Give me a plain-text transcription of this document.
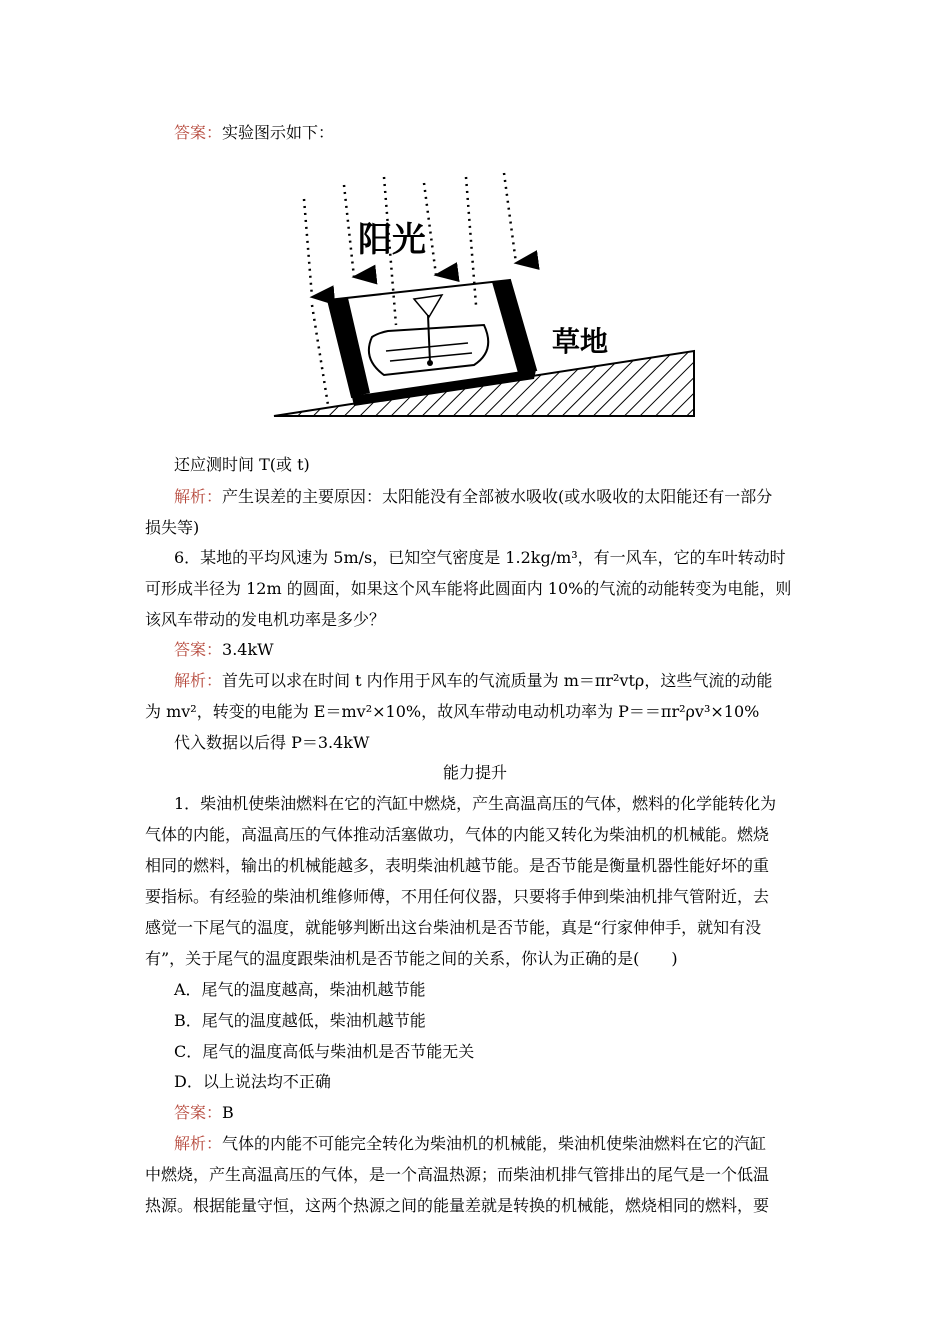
答案：实验图示如下：
阳光
草地
还应测时间 T(或 t)
解析：产生误差的主要原因：太阳能没有全部被水吸收(或水吸收的太阳能还有一部分
损失等)
6．某地的平均风速为 5m/s，已知空气密度是 1.2kg/m³，有一风车，它的车叶转动时
可形成半径为 12m 的圆面，如果这个风车能将此圆面内 10%的气流的动能转变为电能，则
该风车带动的发电机功率是多少？
答案：3.4kW
解析：首先可以求在时间 t 内作用于风车的气流质量为 m＝πr²vtρ，这些气流的动能
为 mv²，转变的电能为 E＝mv²×10%，故风车带动电动机功率为 P＝＝πr²ρv³×10%
代入数据以后得 P＝3.4kW
能力提升
1．柴油机使柴油燃料在它的汽缸中燃烧，产生高温高压的气体，燃料的化学能转化为
气体的内能，高温高压的气体推动活塞做功，气体的内能又转化为柴油机的机械能。燃烧
相同的燃料，输出的机械能越多，表明柴油机越节能。是否节能是衡量机器性能好坏的重
要指标。有经验的柴油机维修师傅，不用任何仪器，只要将手伸到柴油机排气管附近，去
感觉一下尾气的温度，就能够判断出这台柴油机是否节能，真是“行家伸伸手，就知有没
有”，关于尾气的温度跟柴油机是否节能之间的关系，你认为正确的是(　　)
A．尾气的温度越高，柴油机越节能
B．尾气的温度越低，柴油机越节能
C．尾气的温度高低与柴油机是否节能无关
D．以上说法均不正确
答案：B
解析：气体的内能不可能完全转化为柴油机的机械能，柴油机使柴油燃料在它的汽缸
中燃烧，产生高温高压的气体，是一个高温热源；而柴油机排气管排出的尾气是一个低温
热源。根据能量守恒，这两个热源之间的能量差就是转换的机械能，燃烧相同的燃料，要
